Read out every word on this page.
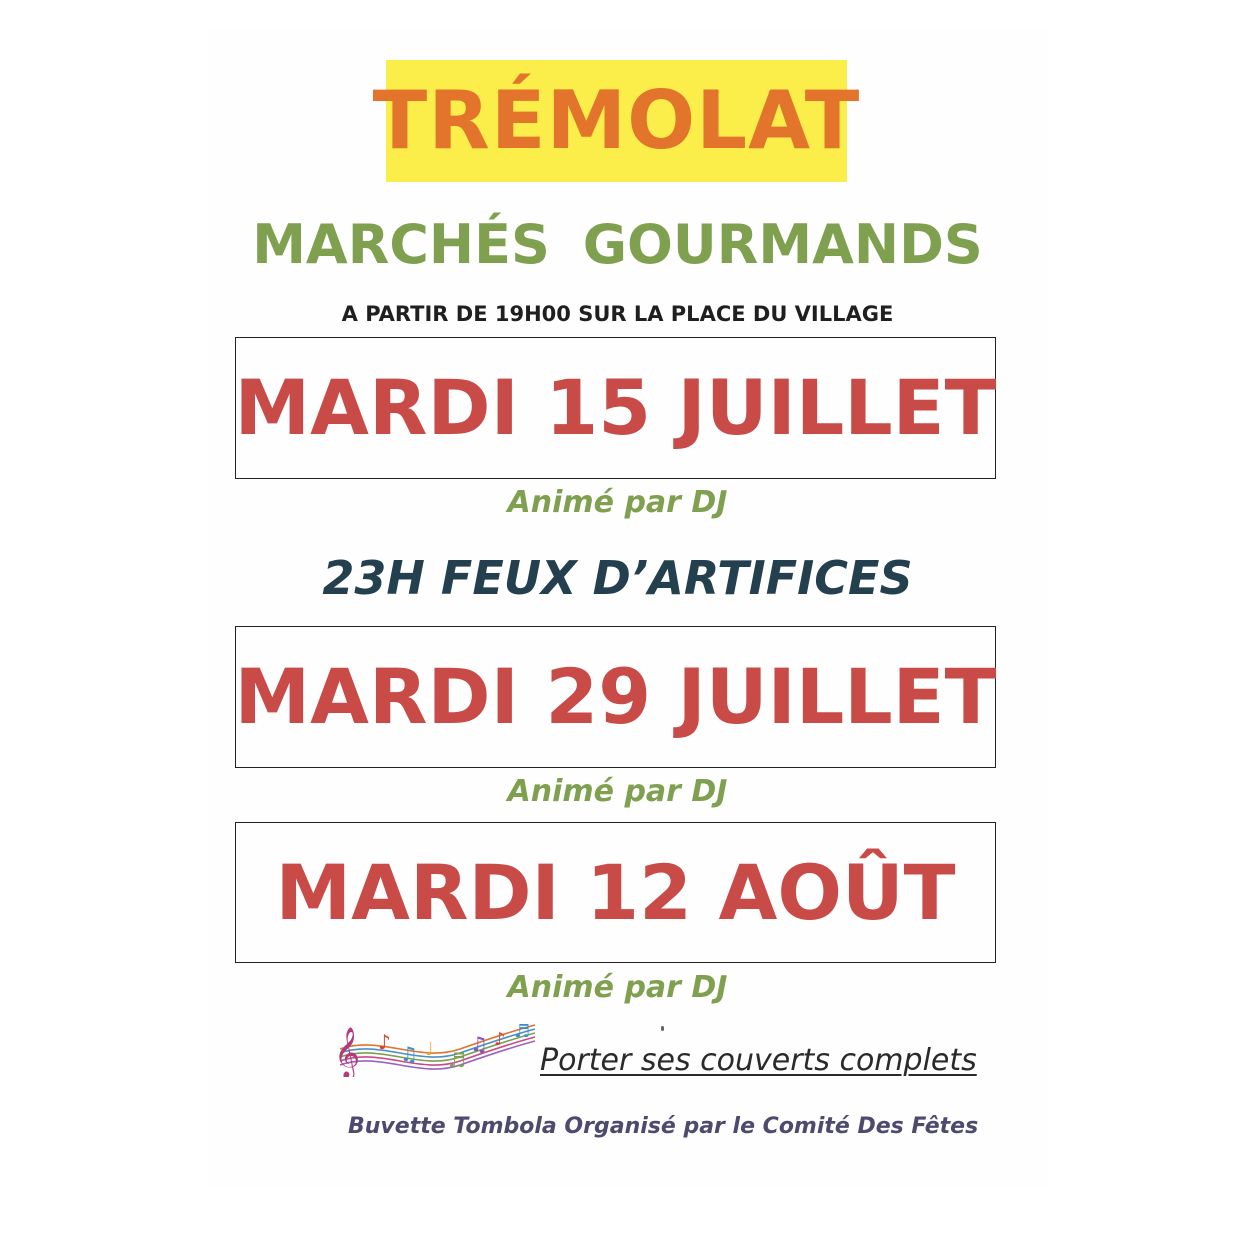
TRÉMOLAT
MARCHÉS GOURMANDS
A PARTIR DE 19H00 SUR LA PLACE DU VILLAGE
MARDI 15 JUILLET
Animé par DJ
23H FEUX D’ARTIFICES
MARDI 29 JUILLET
Animé par DJ
MARDI 12 AOÛT
Animé par DJ
𝄞 ♪ ♫ ♩ ♬
♫ ♪ ♬
Porter ses couverts complets
Buvette Tombola Organisé par le Comité Des Fêtes
